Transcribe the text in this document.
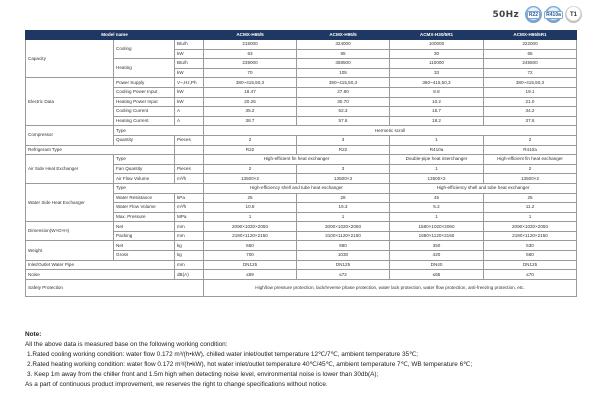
50Hz	R22	R410a	T1
Model name			ACMX-H65/5	ACMX-H95/5	ACMX-H30/5R1	ACMX-H65/5R1
Capacity	Cooling	Btu/h	215000	324000	100000	222000
		kW	63	95	30	65
	Heating	Btu/h	239000	358500	110000	245500
		kW	70	105	33	72
Electric Data	Power Supply	V~,Hz,Ph	380~415,50,3	380~415,50,3	380~415,50,3	380~415,50,3
	Cooling Power Input	kW	18.47	27.80	8.8	19.1
	Heating Power Input	kW	20.25	30.70	10.2	21.0
	Cooling Current	A	35.2	52.3	15.7	34.2
	Heating Current	A	38.7	57.6	18.2	37.6
Compressor	Type		Hermetic scroll			
	Quantity	Pieces	2	3	1	2
Refrigerant Type			R22	R22	R410a	R410a
Air Side Heat Exchanger	Type		High-efficient fin heat exchanger		Double-pipe heat interchanger	High-efficient fin heat exchanger
	Fan Quantity	Pieces	2	3	1	2
	Air Flow Volume	m³/h	13500×2	13500×3	13500×2	13500×2
Water Side Heat Exchanger	Type		High-efficiency shell and tube heat exchanger		High-efficiency shell and tube heat exchanger	
	Water Resistance	kPa	25	28	45	25
	Water Flow Volume	m³/h	10.8	16.3	5.2	11.2
	Max. Pressure	MPa	1	1	1	1
Dimension(W×D×H)	Net	mm	2090×1020×2050	3000×1020×2050	1580×1020×2060	2090×1020×2050
	Packing	mm	2190×1120×2150	3100×1120×2150	1680×1120×2160	2190×1120×2150
Weight	Net	kg	650	980	350	530
	Gross	kg	700	1030	420	580
Inlet/Outlet Water Pipe		mm	DN125	DN125	DN40	DN125
Noise		dB(A)	≤69	≤72	≤65	≤70
Safety Protection			High/low pressure protection, lack/reverse phase protection, water lack protection, water flow protection, anti-freezing protection, etc.			
Note:
All the above data is measured base on the following working condition:
1.Rated cooling working condition: water flow 0.172 m³/(h•kW), chilled water inlet/outlet temperature 12℃/7℃, ambient temperature 35℃;
2.Rated heating working condition: water flow 0.172 m³/(h•kW), hot water inlet/outlet temperature 40℃/45℃, ambient temperature 7℃, WB temperature 6℃;
3. Keep 1m away from the chiller front and 1.5m high when detecting noise level, environmental noise is lower than 30db(A);
As a part of continuous product improvement, we reserves the right to change specifications without notice.
